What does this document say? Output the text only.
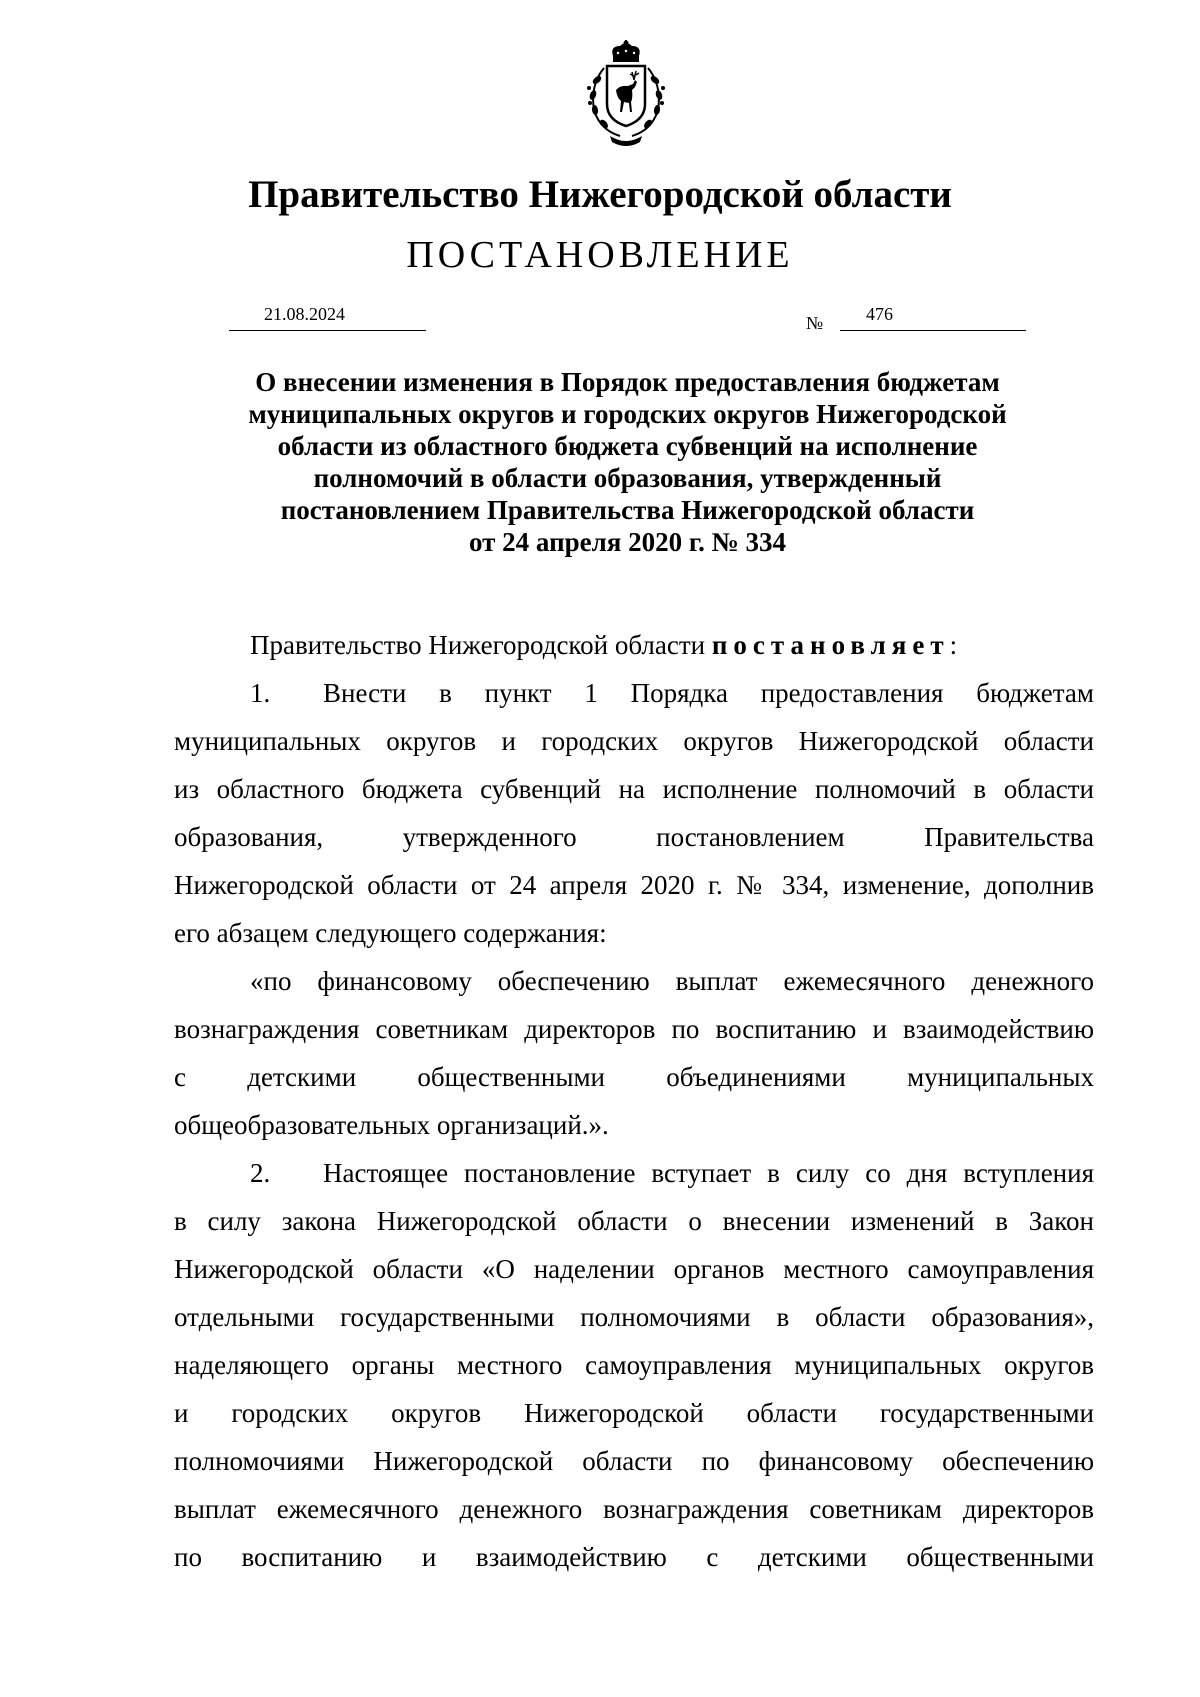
Правительство Нижегородской области
ПОСТАНОВЛЕНИЕ
21.08.2024	№ 476
О внесении изменения в Порядок предоставления бюджетам
муниципальных округов и городских округов Нижегородской
области из областного бюджета субвенций на исполнение
полномочий в области образования, утвержденный
постановлением Правительства Нижегородской области
от 24 апреля 2020 г. № 334
Правительство Нижегородской области постановляет:
1. Внести в пункт 1 Порядка предоставления бюджетам
муниципальных округов и городских округов Нижегородской области
из областного бюджета субвенций на исполнение полномочий в области
образования, утвержденного постановлением Правительства
Нижегородской области от 24 апреля 2020 г. № 334, изменение, дополнив
его абзацем следующего содержания:
«по финансовому обеспечению выплат ежемесячного денежного
вознаграждения советникам директоров по воспитанию и взаимодействию
с детскими общественными объединениями муниципальных
общеобразовательных организаций.».
2. Настоящее постановление вступает в силу со дня вступления
в силу закона Нижегородской области о внесении изменений в Закон
Нижегородской области «О наделении органов местного самоуправления
отдельными государственными полномочиями в области образования»,
наделяющего органы местного самоуправления муниципальных округов
и городских округов Нижегородской области государственными
полномочиями Нижегородской области по финансовому обеспечению
выплат ежемесячного денежного вознаграждения советникам директоров
по воспитанию и взаимодействию с детскими общественными
